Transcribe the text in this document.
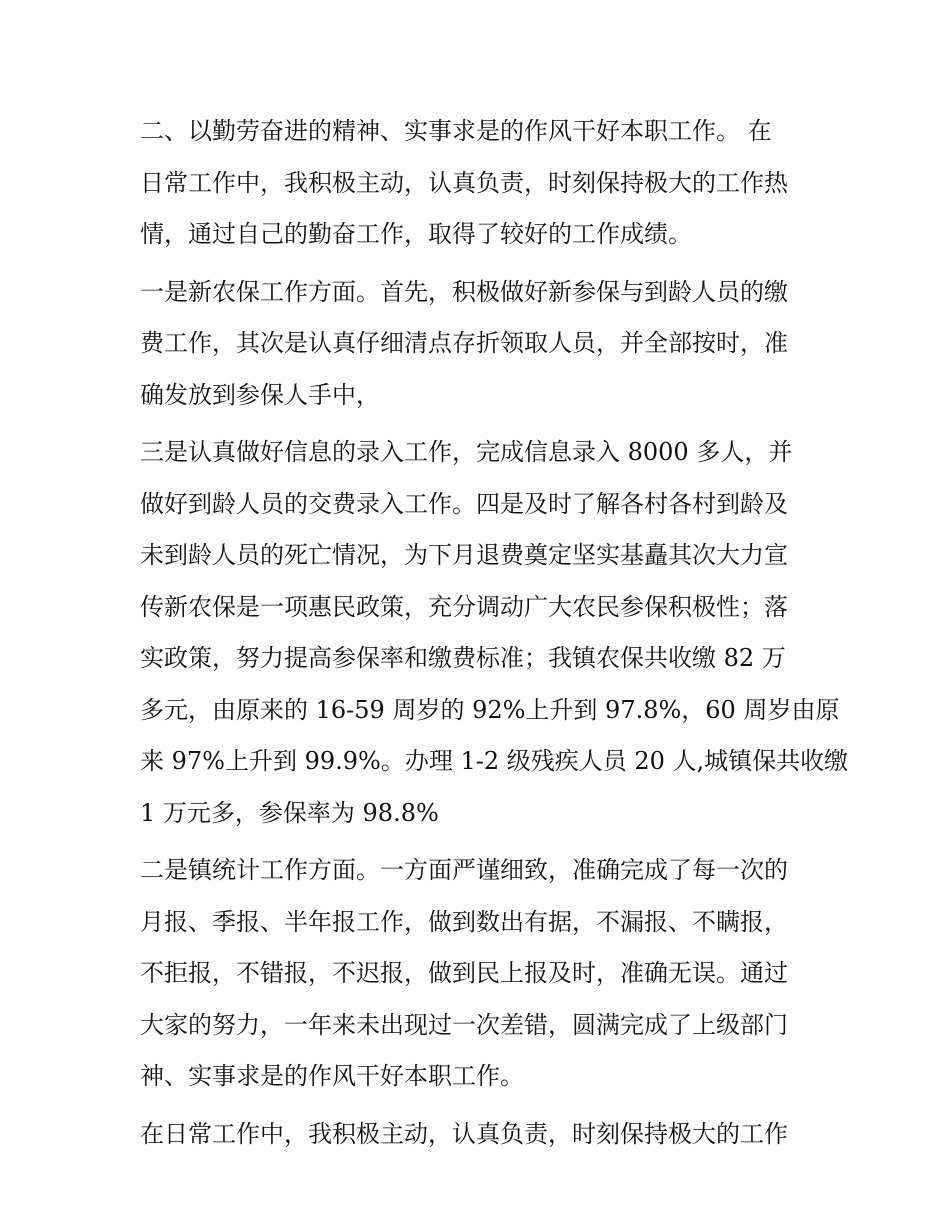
二、以勤劳奋进的精神、实事求是的作风干好本职工作。 在
日常工作中，我积极主动，认真负责，时刻保持极大的工作热
情，通过自己的勤奋工作，取得了较好的工作成绩。

一是新农保工作方面。首先，积极做好新参保与到龄人员的缴
费工作，其次是认真仔细清点存折领取人员，并全部按时，准
确发放到参保人手中，

三是认真做好信息的录入工作，完成信息录入 8000 多人，并
做好到龄人员的交费录入工作。四是及时了解各村各村到龄及
未到龄人员的死亡情况，为下月退费奠定坚实基矗其次大力宣
传新农保是一项惠民政策，充分调动广大农民参保积极性；落
实政策，努力提高参保率和缴费标准；我镇农保共收缴 82 万
多元，由原来的 16-59 周岁的 92%上升到 97.8%，60 周岁由原
来 97%上升到 99.9%。办理 1-2 级残疾人员 20 人,城镇保共收缴
1 万元多，参保率为 98.8%

二是镇统计工作方面。一方面严谨细致，准确完成了每一次的
月报、季报、半年报工作，做到数出有据，不漏报、不瞒报，
不拒报，不错报，不迟报，做到民上报及时，准确无误。通过
大家的努力，一年来未出现过一次差错，圆满完成了上级部门
神、实事求是的作风干好本职工作。

在日常工作中，我积极主动，认真负责，时刻保持极大的工作
